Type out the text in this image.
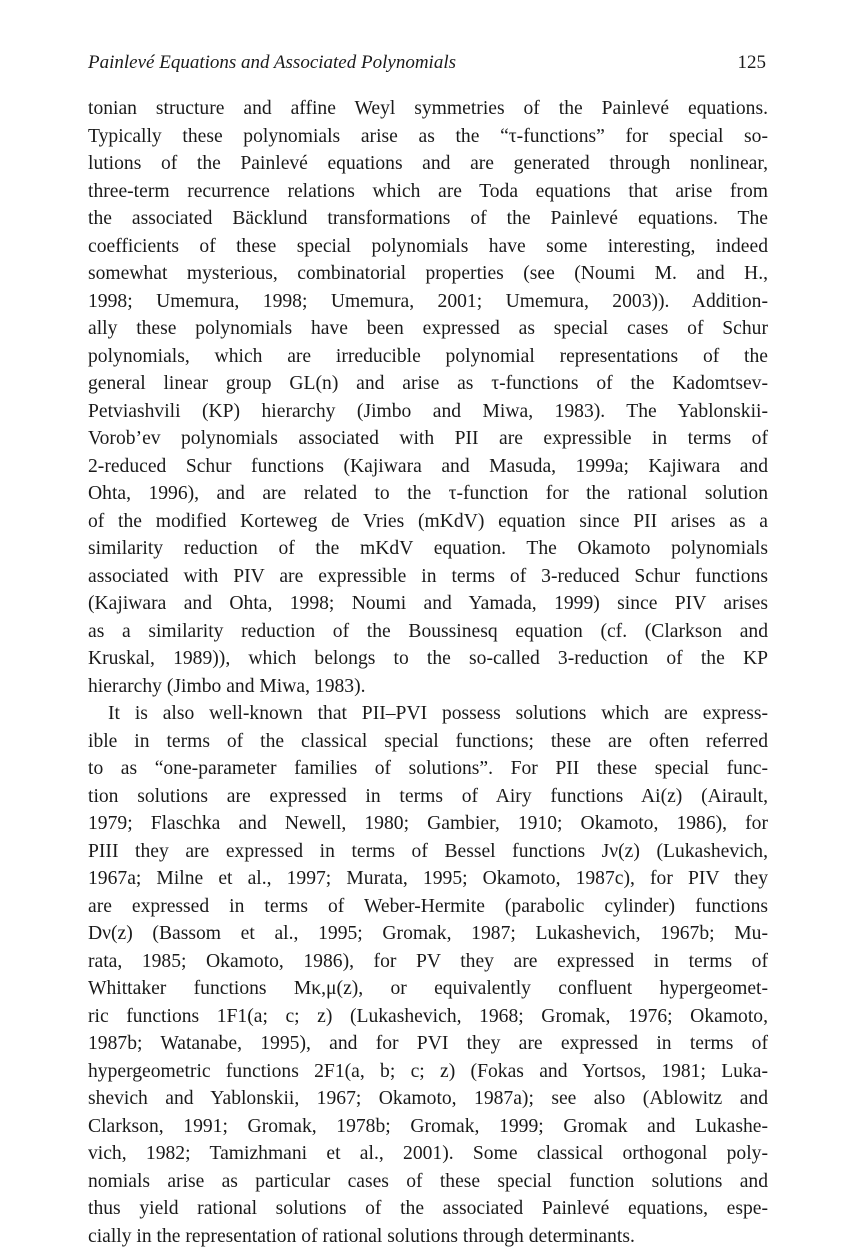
Painlevé Equations and Associated Polynomials	125
tonian structure and affine Weyl symmetries of the Painlevé equations.
Typically these polynomials arise as the “τ-functions” for special so-
lutions of the Painlevé equations and are generated through nonlinear,
three-term recurrence relations which are Toda equations that arise from
the associated Bäcklund transformations of the Painlevé equations. The
coefficients of these special polynomials have some interesting, indeed
somewhat mysterious, combinatorial properties (see (Noumi M. and H.,
1998; Umemura, 1998; Umemura, 2001; Umemura, 2003)). Addition-
ally these polynomials have been expressed as special cases of Schur
polynomials, which are irreducible polynomial representations of the
general linear group GL(n) and arise as τ-functions of the Kadomtsev-
Petviashvili (KP) hierarchy (Jimbo and Miwa, 1983). The Yablonskii-
Vorob’ev polynomials associated with PII are expressible in terms of
2-reduced Schur functions (Kajiwara and Masuda, 1999a; Kajiwara and
Ohta, 1996), and are related to the τ-function for the rational solution
of the modified Korteweg de Vries (mKdV) equation since PII arises as a
similarity reduction of the mKdV equation. The Okamoto polynomials
associated with PIV are expressible in terms of 3-reduced Schur functions
(Kajiwara and Ohta, 1998; Noumi and Yamada, 1999) since PIV arises
as a similarity reduction of the Boussinesq equation (cf. (Clarkson and
Kruskal, 1989)), which belongs to the so-called 3-reduction of the KP
hierarchy (Jimbo and Miwa, 1983).
It is also well-known that PII–PVI possess solutions which are express-
ible in terms of the classical special functions; these are often referred
to as “one-parameter families of solutions”. For PII these special func-
tion solutions are expressed in terms of Airy functions Ai(z) (Airault,
1979; Flaschka and Newell, 1980; Gambier, 1910; Okamoto, 1986), for
PIII they are expressed in terms of Bessel functions Jν(z) (Lukashevich,
1967a; Milne et al., 1997; Murata, 1995; Okamoto, 1987c), for PIV they
are expressed in terms of Weber-Hermite (parabolic cylinder) functions
Dν(z) (Bassom et al., 1995; Gromak, 1987; Lukashevich, 1967b; Mu-
rata, 1985; Okamoto, 1986), for PV they are expressed in terms of
Whittaker functions Mκ,μ(z), or equivalently confluent hypergeomet-
ric functions 1F1(a; c; z) (Lukashevich, 1968; Gromak, 1976; Okamoto,
1987b; Watanabe, 1995), and for PVI they are expressed in terms of
hypergeometric functions 2F1(a, b; c; z) (Fokas and Yortsos, 1981; Luka-
shevich and Yablonskii, 1967; Okamoto, 1987a); see also (Ablowitz and
Clarkson, 1991; Gromak, 1978b; Gromak, 1999; Gromak and Lukashe-
vich, 1982; Tamizhmani et al., 2001). Some classical orthogonal poly-
nomials arise as particular cases of these special function solutions and
thus yield rational solutions of the associated Painlevé equations, espe-
cially in the representation of rational solutions through determinants.
